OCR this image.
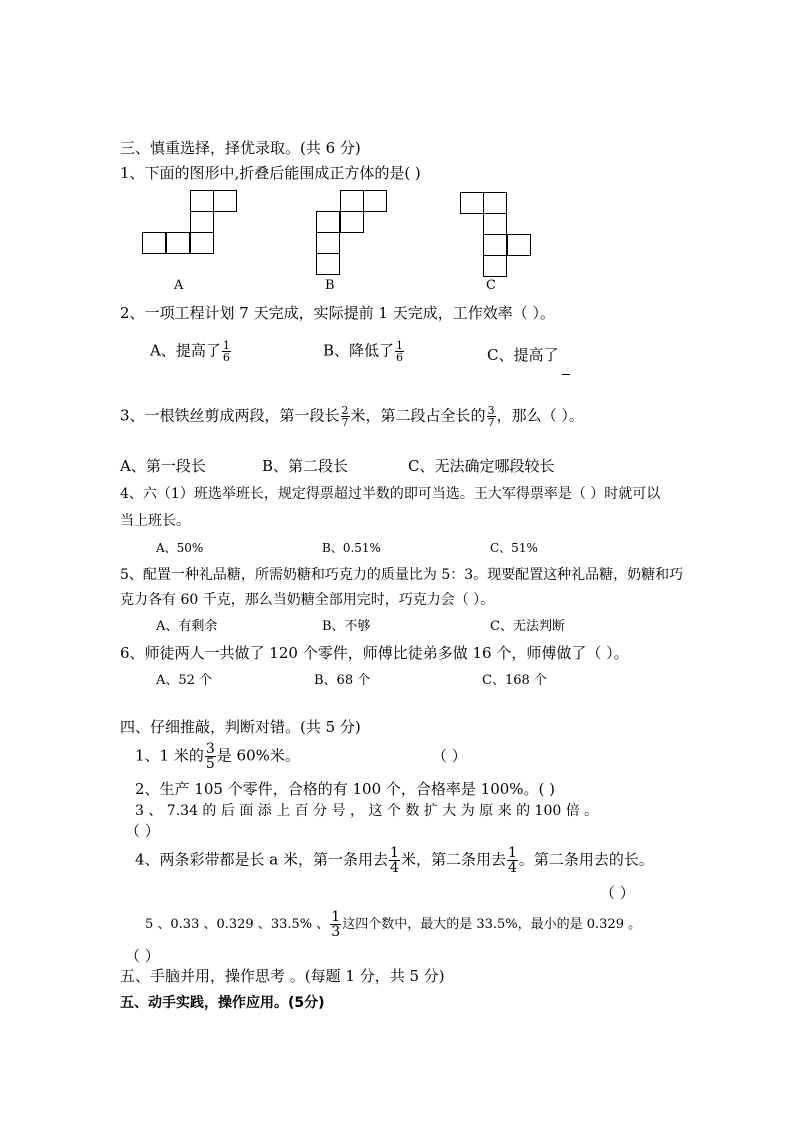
三、慎重选择，择优录取。(共 6 分)
1、下面的图形中,折叠后能围成正方体的是( )
A	B	C
2、一项工程计划 7 天完成，实际提前 1 天完成，工作效率（ ）。
A、提高了 $\frac{1}{6}$	B、降低了 $\frac{1}{6}$	C、提高了
3、一根铁丝剪成两段，第一段长 $\frac{2}{7}$ 米，第二段占全长的 $\frac{3}{7}$ ，那么（ ）。
A、第一段长	B、第二段长	C、无法确定哪段较长
4、六（1）班选举班长，规定得票超过半数的即可当选。王大军得票率是（ ）时就可以
当上班长。
A、50%	B、0.51%	C、51%
5、配置一种礼品糖，所需奶糖和巧克力的质量比为 5：3。现要配置这种礼品糖，奶糖和巧
克力各有 60 千克，那么当奶糖全部用完时，巧克力会（ ）。
A、有剩余	B、不够	C、无法判断
6、师徒两人一共做了 120 个零件，师傅比徒弟多做 16 个，师傅做了（ ）。
A、52 个	B、68 个	C、168 个
四、仔细推敲，判断对错。(共 5 分)
1、1 米的 $\frac{3}{5}$ 是 60%米。	（ ）
2、生产 105 个零件，合格的有 100 个，合格率是 100%。( )
3 、 7.34 的 后 面 添 上 百 分 号 ， 这 个 数 扩 大 为 原 来 的 100 倍 。
（ ）
4、两条彩带都是长 a 米，第一条用去 $\frac{1}{4}$ 米，第二条用去 $\frac{1}{4}$ 。第二条用去的长。
（ ）
5 、0.33 、0.329 、33.5% 、 $\frac{1}{3}$ 这四个数中，最大的是 33.5%，最小的是 0.329 。
（ ）
五、手脑并用，操作思考 。(每题 1 分，共 5 分)
五、动手实践，操作应用。(5分)
